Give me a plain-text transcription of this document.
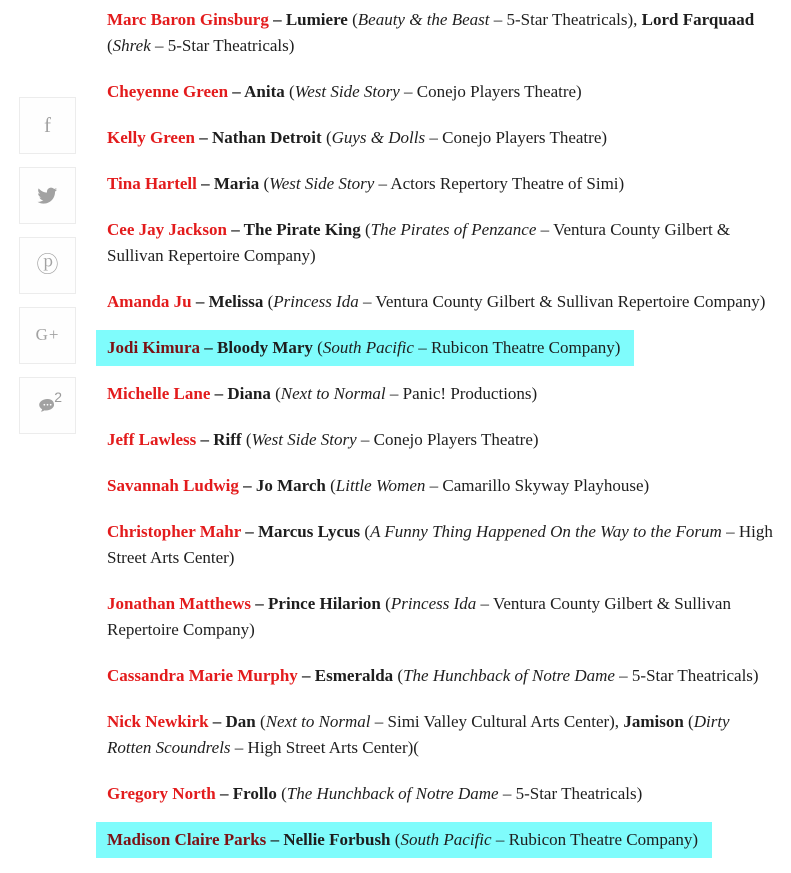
f
ⓟ
G+
2

Marc Baron Ginsburg – Lumiere (Beauty & the Beast – 5-Star Theatricals), Lord Farquaad (Shrek – 5-Star Theatricals)

Cheyenne Green – Anita (West Side Story – Conejo Players Theatre)

Kelly Green – Nathan Detroit (Guys & Dolls – Conejo Players Theatre)

Tina Hartell – Maria (West Side Story – Actors Repertory Theatre of Simi)

Cee Jay Jackson – The Pirate King (The Pirates of Penzance – Ventura County Gilbert & Sullivan Repertoire Company)

Amanda Ju – Melissa (Princess Ida – Ventura County Gilbert & Sullivan Repertoire Company)

Jodi Kimura – Bloody Mary (South Pacific – Rubicon Theatre Company)

Michelle Lane – Diana (Next to Normal – Panic! Productions)

Jeff Lawless – Riff (West Side Story – Conejo Players Theatre)

Savannah Ludwig – Jo March (Little Women – Camarillo Skyway Playhouse)

Christopher Mahr – Marcus Lycus (A Funny Thing Happened On the Way to the Forum – High Street Arts Center)

Jonathan Matthews – Prince Hilarion (Princess Ida – Ventura County Gilbert & Sullivan Repertoire Company)

Cassandra Marie Murphy – Esmeralda (The Hunchback of Notre Dame – 5-Star Theatricals)

Nick Newkirk – Dan (Next to Normal – Simi Valley Cultural Arts Center), Jamison (Dirty Rotten Scoundrels – High Street Arts Center)(

Gregory North – Frollo (The Hunchback of Notre Dame – 5-Star Theatricals)

Madison Claire Parks – Nellie Forbush (South Pacific – Rubicon Theatre Company)
